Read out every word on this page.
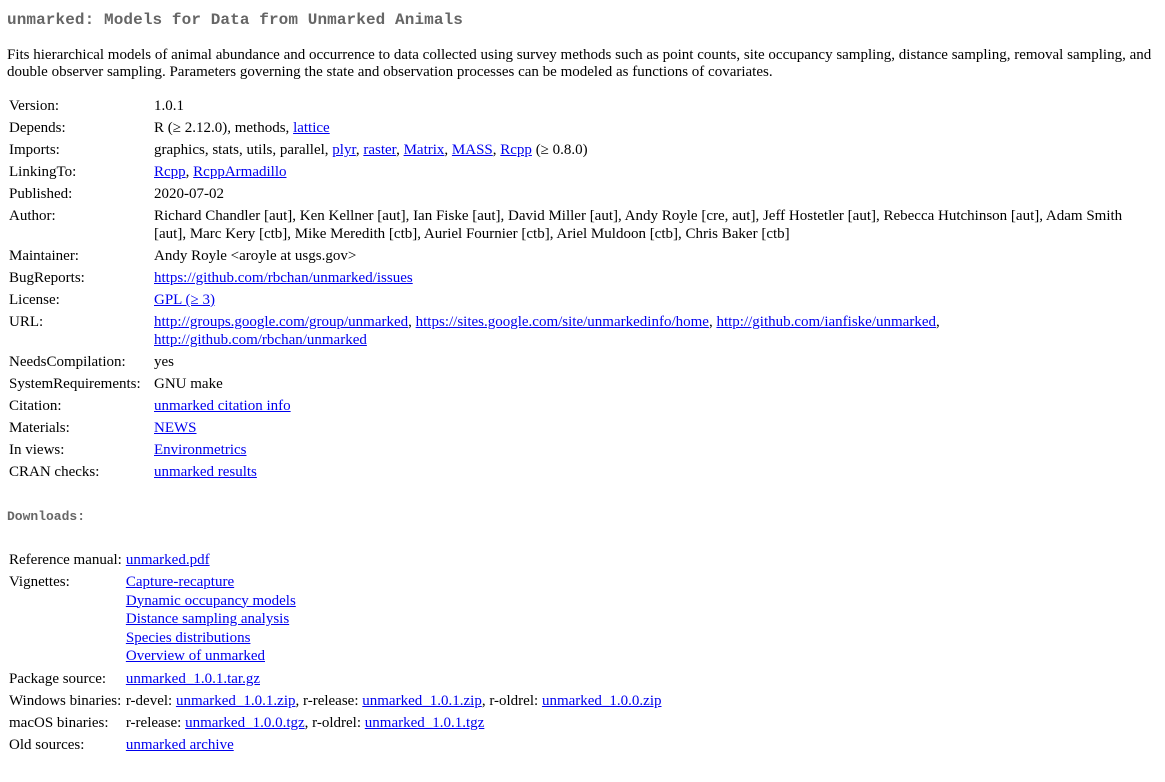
unmarked: Models for Data from Unmarked Animals

Fits hierarchical models of animal abundance and occurrence to data collected using survey methods such as point counts, site occupancy sampling, distance sampling, removal sampling, and double observer sampling. Parameters governing the state and observation processes can be modeled as functions of covariates.

Version:	1.0.1
Depends:	R (≥ 2.12.0), methods, lattice
Imports:	graphics, stats, utils, parallel, plyr, raster, Matrix, MASS, Rcpp (≥ 0.8.0)
LinkingTo:	Rcpp, RcppArmadillo
Published:	2020-07-02
Author:	Richard Chandler [aut], Ken Kellner [aut], Ian Fiske [aut], David Miller [aut], Andy Royle [cre, aut], Jeff Hostetler [aut], Rebecca Hutchinson [aut], Adam Smith [aut], Marc Kery [ctb], Mike Meredith [ctb], Auriel Fournier [ctb], Ariel Muldoon [ctb], Chris Baker [ctb]
Maintainer:	Andy Royle <aroyle at usgs.gov>
BugReports:	https://github.com/rbchan/unmarked/issues
License:	GPL (≥ 3)
URL:	http://groups.google.com/group/unmarked, https://sites.google.com/site/unmarkedinfo/home, http://github.com/ianfiske/unmarked,
http://github.com/rbchan/unmarked
NeedsCompilation:	yes
SystemRequirements:	GNU make
Citation:	unmarked citation info
Materials:	NEWS
In views:	Environmetrics
CRAN checks:	unmarked results
Downloads:
Reference manual:	unmarked.pdf
Vignettes:	Capture-recapture
Dynamic occupancy models
Distance sampling analysis
Species distributions
Overview of unmarked

Package source:	unmarked_1.0.1.tar.gz
Windows binaries:	r-devel: unmarked_1.0.1.zip, r-release: unmarked_1.0.1.zip, r-oldrel: unmarked_1.0.0.zip
macOS binaries:	r-release: unmarked_1.0.0.tgz, r-oldrel: unmarked_1.0.1.tgz
Old sources:	unmarked archive
